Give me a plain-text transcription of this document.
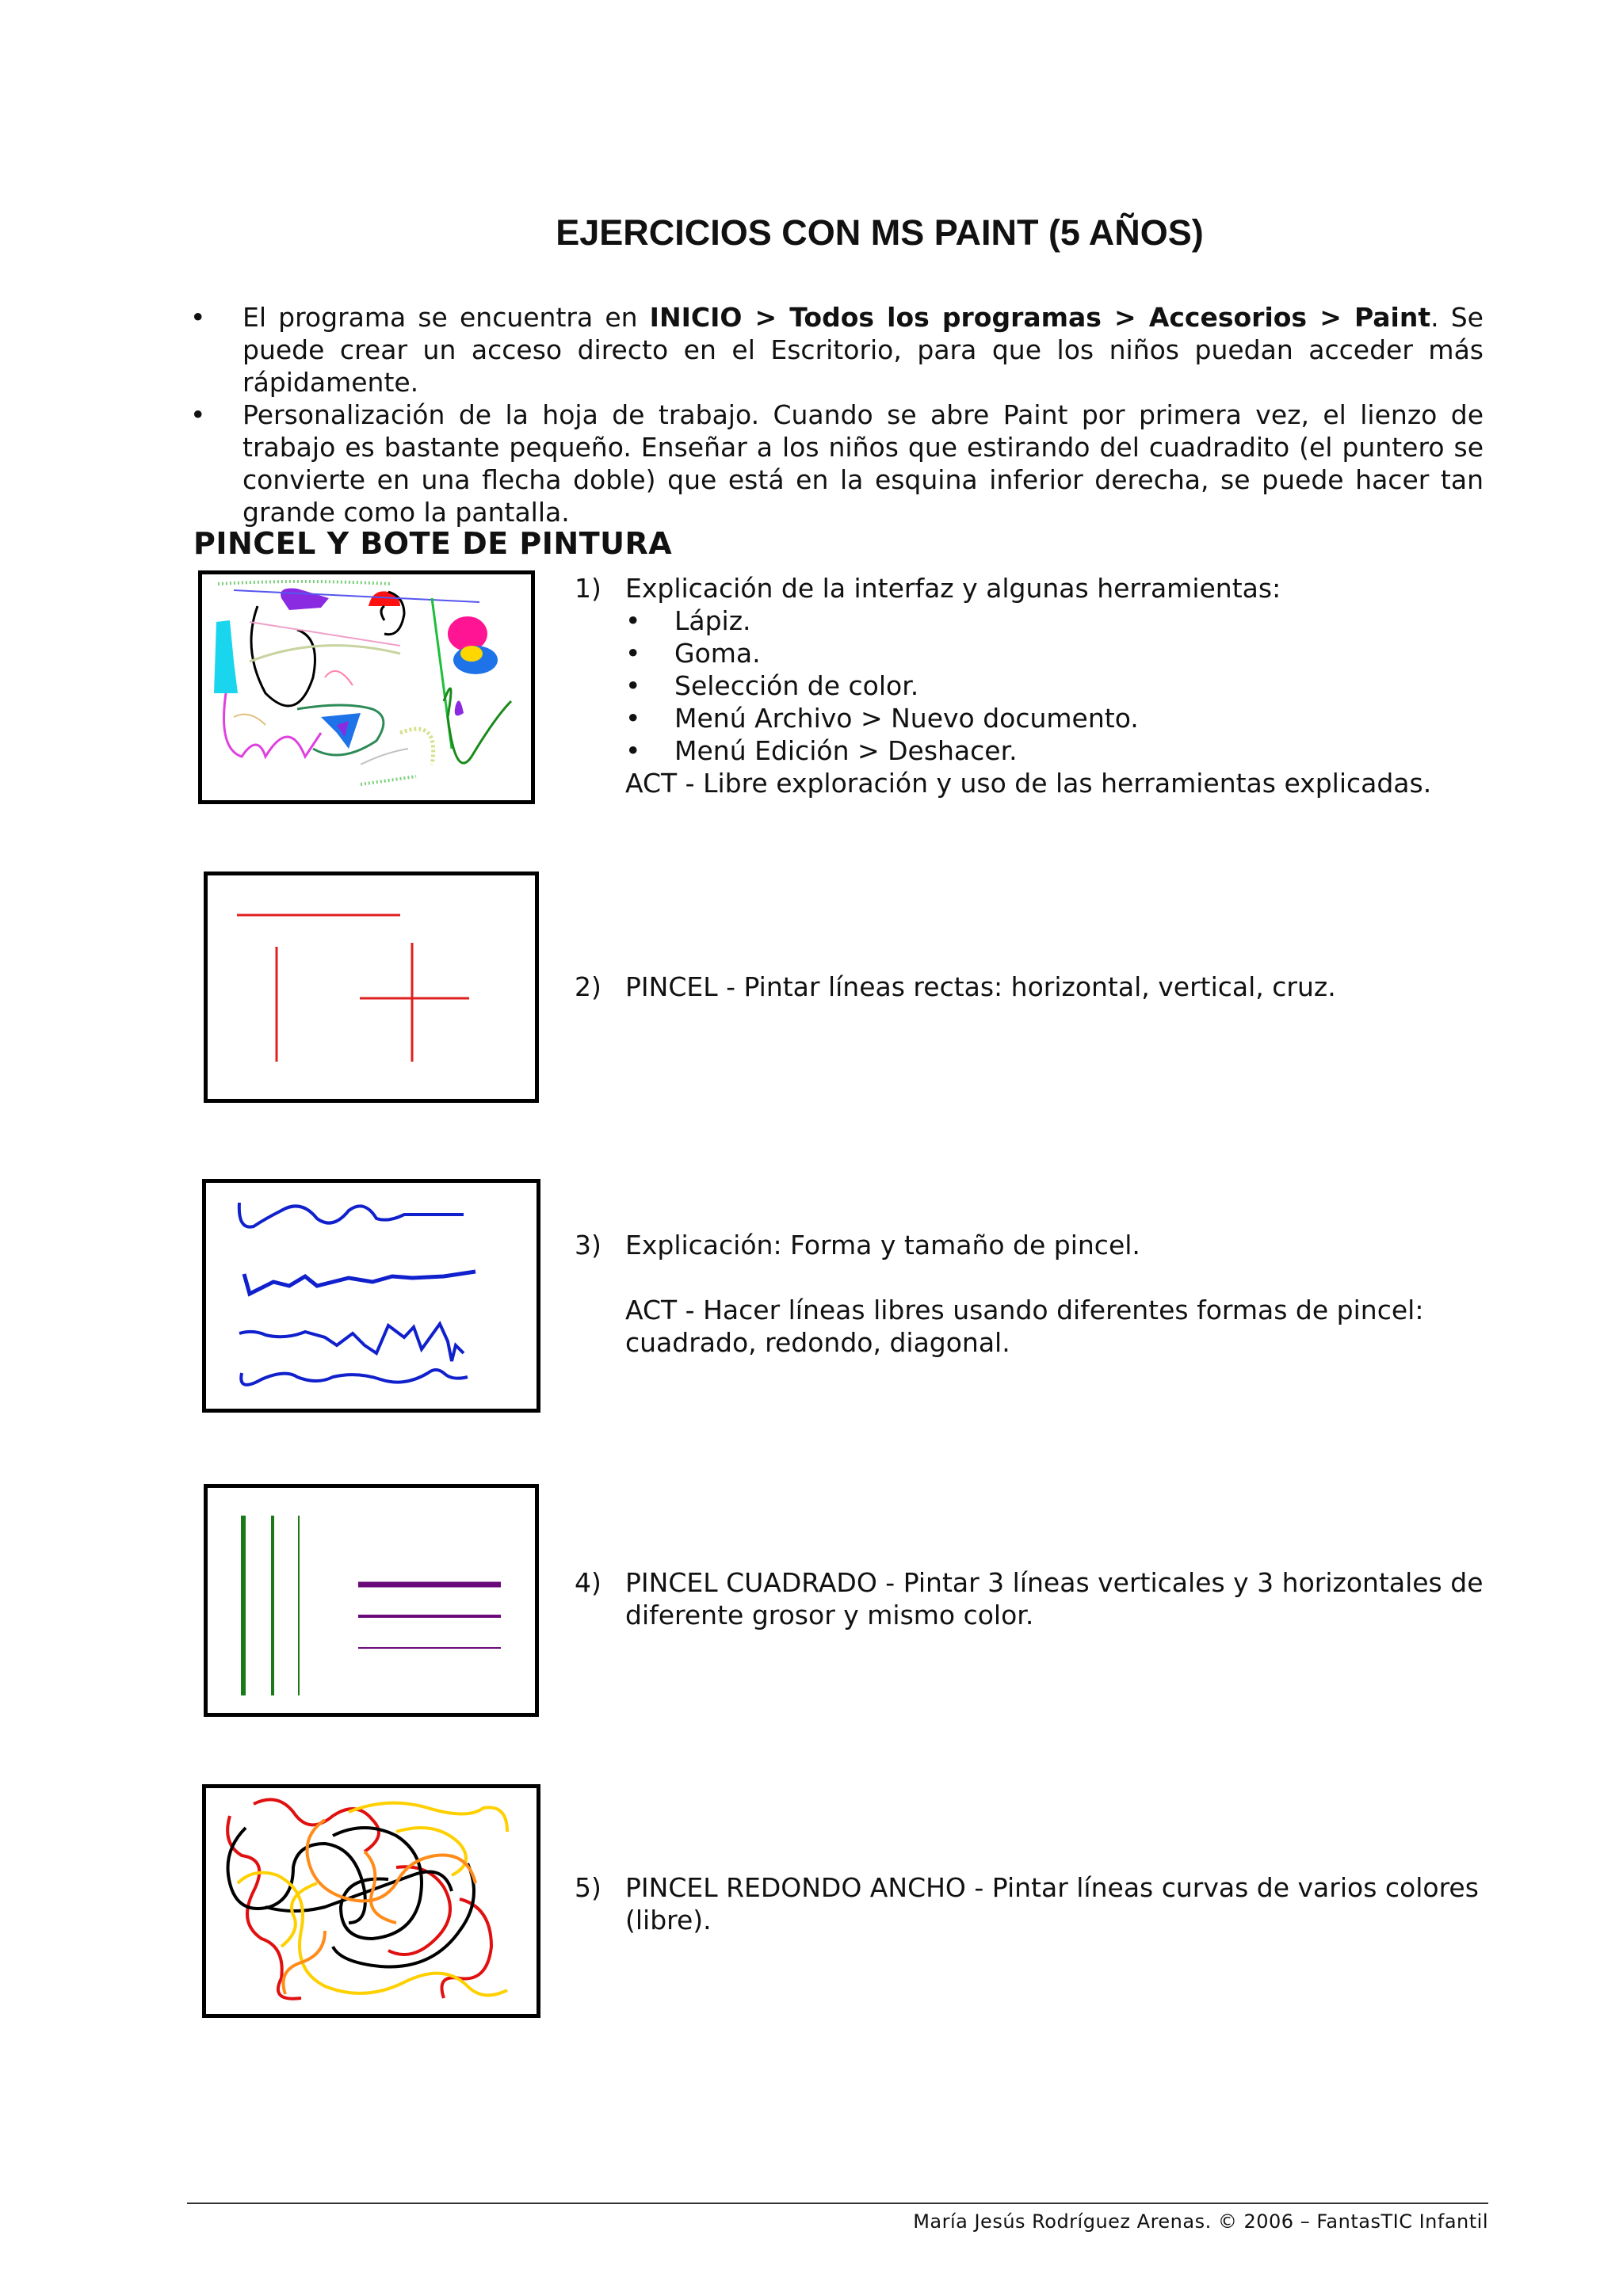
EJERCICIOS CON MS PAINT (5 AÑOS)
• El programa se encuentra en INICIO > Todos los programas > Accesorios > Paint. Se puede crear un acceso directo en el Escritorio, para que los niños puedan acceder más rápidamente.
• Personalización de la hoja de trabajo. Cuando se abre Paint por primera vez, el lienzo de trabajo es bastante pequeño. Enseñar a los niños que estirando del cuadradito (el puntero se convierte en una flecha doble) que está en la esquina inferior derecha, se puede hacer tan grande como la pantalla.
PINCEL Y BOTE DE PINTURA
1) Explicación de la interfaz y algunas herramientas:
• Lápiz.
• Goma.
• Selección de color.
• Menú Archivo > Nuevo documento.
• Menú Edición > Deshacer.
ACT - Libre exploración y uso de las herramientas explicadas.
2) PINCEL - Pintar líneas rectas: horizontal, vertical, cruz.
3) Explicación: Forma y tamaño de pincel.
ACT - Hacer líneas libres usando diferentes formas de pincel: cuadrado, redondo, diagonal.
4) PINCEL CUADRADO - Pintar 3 líneas verticales y 3 horizontales de diferente grosor y mismo color.
5) PINCEL REDONDO ANCHO - Pintar líneas curvas de varios colores (libre).
María Jesús Rodríguez Arenas. © 2006 – FantasTIC Infantil
